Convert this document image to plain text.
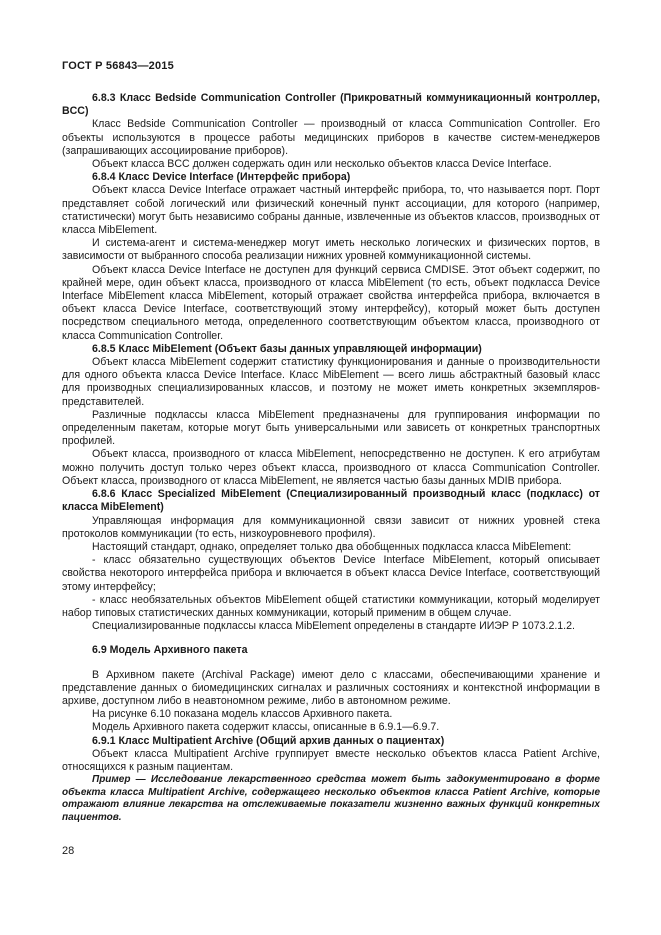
ГОСТ Р 56843—2015

6.8.3 Класс Bedside Communication Controller (Прикроватный коммуникационный контроллер, BCC)

Класс Bedside Communication Controller — производный от класса Communication Controller. Его объекты используются в процессе работы медицинских приборов в качестве систем-менеджеров (запрашивающих ассоциирование приборов).

Объект класса BCC должен содержать один или несколько объектов класса Device Interface.

6.8.4 Класс Device Interface (Интерфейс прибора)

Объект класса Device Interface отражает частный интерфейс прибора, то, что называется порт. Порт представляет собой логический или физический конечный пункт ассоциации, для которого (например, статистически) могут быть независимо собраны данные, извлеченные из объектов классов, производных от класса MibElement.

И система-агент и система-менеджер могут иметь несколько логических и физических портов, в зависимости от выбранного способа реализации нижних уровней коммуникационной системы.

Объект класса Device Interface не доступен для функций сервиса CMDISE. Этот объект содержит, по крайней мере, один объект класса, производного от класса MibElement (то есть, объект подкласса Device Interface MibElement класса MibElement, который отражает свойства интерфейса прибора, включается в объект класса Device Interface, соответствующий этому интерфейсу), который может быть доступен посредством специального метода, определенного соответствующим объектом класса, производного от класса Communication Controller.

6.8.5 Класс MibElement (Объект базы данных управляющей информации)

Объект класса MibElement содержит статистику функционирования и данные о производительности для одного объекта класса Device Interface. Класс MibElement — всего лишь абстрактный базовый класс для производных специализированных классов, и поэтому не может иметь конкретных экземпляров-представителей.

Различные подклассы класса MibElement предназначены для группирования информации по определенным пакетам, которые могут быть универсальными или зависеть от конкретных транспортных профилей.

Объект класса, производного от класса MibElement, непосредственно не доступен. К его атрибутам можно получить доступ только через объект класса, производного от класса Communication Controller. Объект класса, производного от класса MibElement, не является частью базы данных MDIB прибора.

6.8.6 Класс Specialized MibElement (Специализированный производный класс (подкласс) от класса MibElement)

Управляющая информация для коммуникационной связи зависит от нижних уровней стека протоколов коммуникации (то есть, низкоуровневого профиля).

Настоящий стандарт, однако, определяет только два обобщенных подкласса класса MibElement:

- класс обязательно существующих объектов Device Interface MibElement, который описывает свойства некоторого интерфейса прибора и включается в объект класса Device Interface, соответствующий этому интерфейсу;

- класс необязательных объектов MibElement общей статистики коммуникации, который моделирует набор типовых статистических данных коммуникации, который применим в общем случае.

Специализированные подклассы класса MibElement определены в стандарте ИИЭР Р 1073.2.1.2.

6.9 Модель Архивного пакета

В Архивном пакете (Archival Package) имеют дело с классами, обеспечивающими хранение и представление данных о биомедицинских сигналах и различных состояниях и контекстной информации в архиве, доступном либо в неавтономном режиме, либо в автономном режиме.

На рисунке 6.10 показана модель классов Архивного пакета.

Модель Архивного пакета содержит классы, описанные в 6.9.1—6.9.7.

6.9.1 Класс Multipatient Archive (Общий архив данных о пациентах)

Объект класса Multipatient Archive группирует вместе несколько объектов класса Patient Archive, относящихся к разным пациентам.

Пример — Исследование лекарственного средства может быть задокументировано в форме объекта класса Multipatient Archive, содержащего несколько объектов класса Patient Archive, которые отражают влияние лекарства на отслеживаемые показатели жизненно важных функций конкретных пациентов.

28
